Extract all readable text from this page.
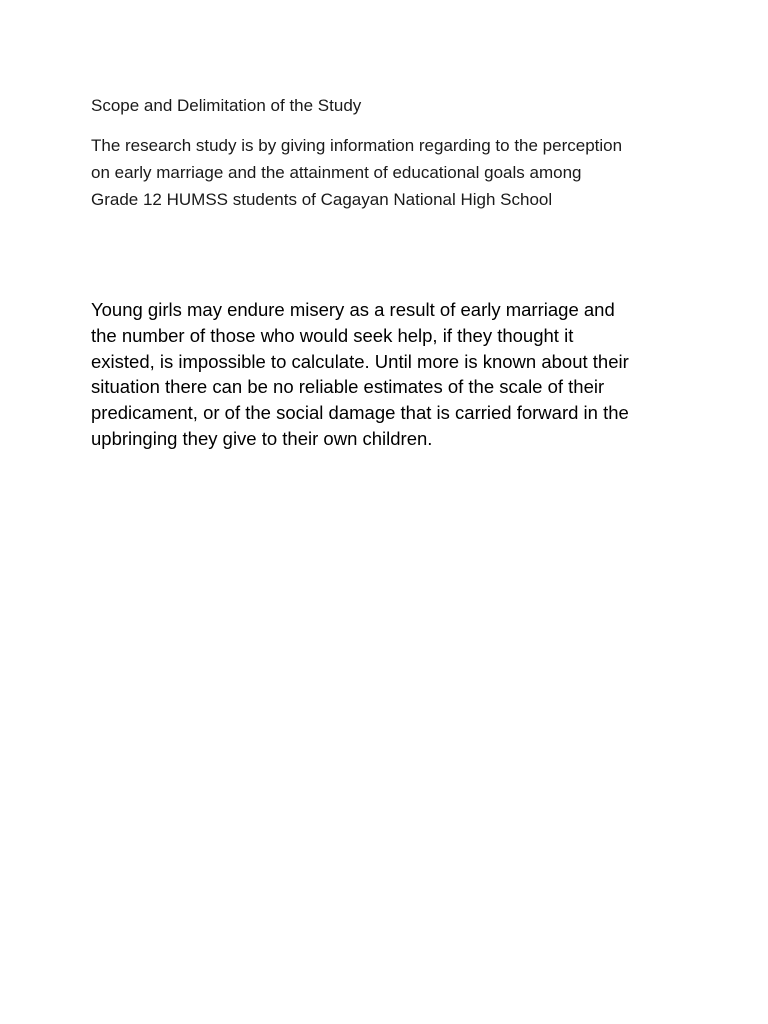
Scope and Delimitation of the Study
The research study is by giving information regarding to the perception
on early marriage and the attainment of educational goals among
Grade 12 HUMSS students of Cagayan National High School
Young girls may endure misery as a result of early marriage and
the number of those who would seek help, if they thought it
existed, is impossible to calculate. Until more is known about their
situation there can be no reliable estimates of the scale of their
predicament, or of the social damage that is carried forward in the
upbringing they give to their own children.
